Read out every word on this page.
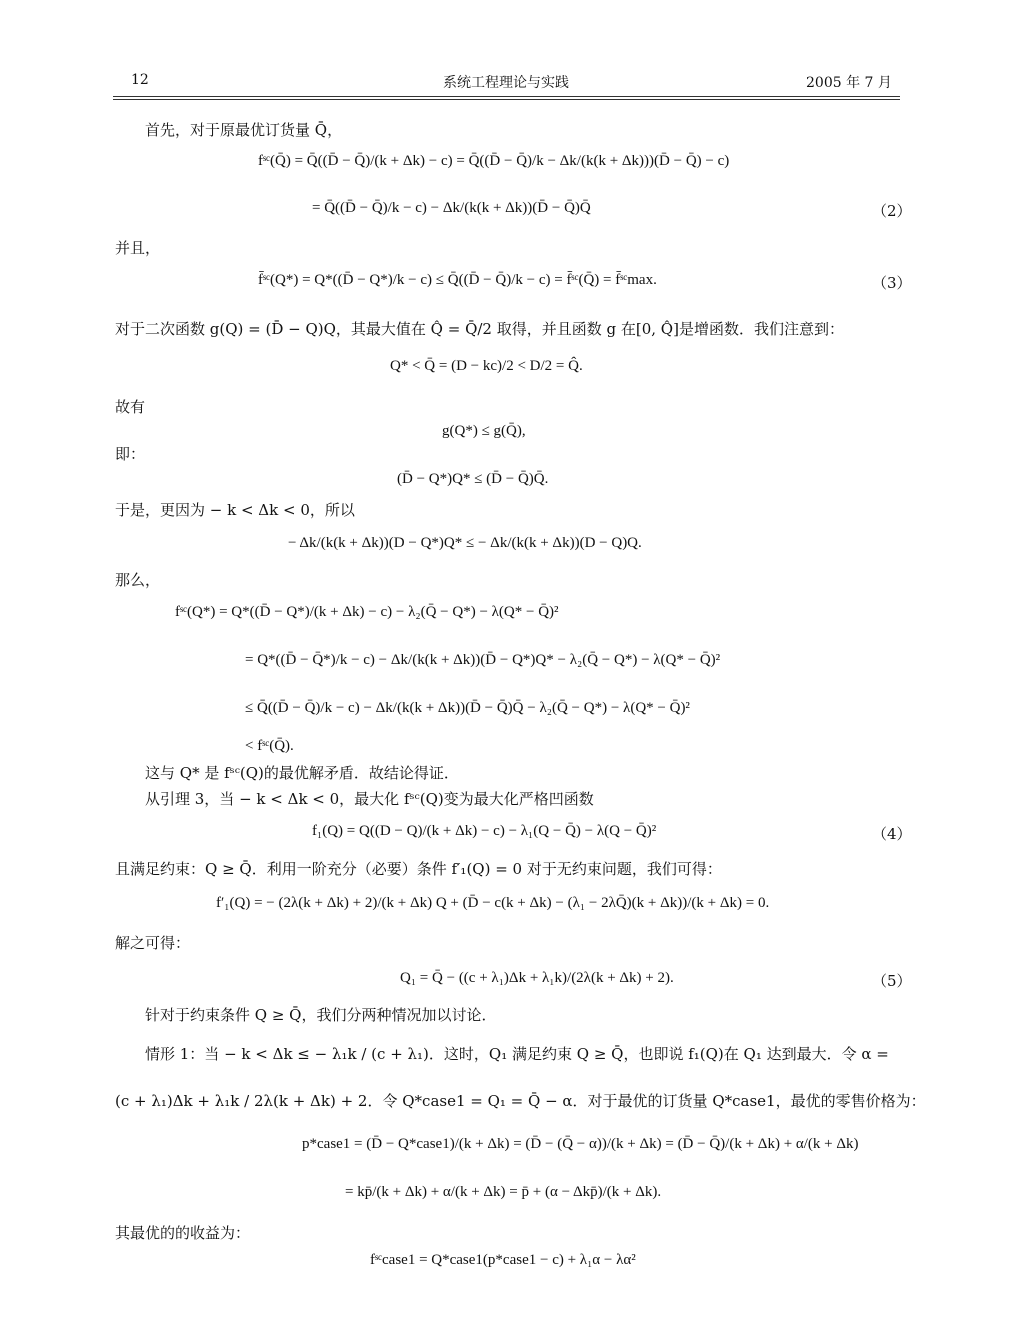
12	系统工程理论与实践	2005 年 7 月
首先，对于原最优订货量 Q̄，
fˢᶜ(Q̄) = Q̄((D̄ − Q̄)/(k + Δk) − c) = Q̄((D̄ − Q̄)/k − Δk/(k(k + Δk)))(D̄ − Q̄) − c)
= Q̄((D̄ − Q̄)/k − c) − Δk/(k(k + Δk))(D̄ − Q̄)Q̄	（2）
并且，
f̄ˢᶜ(Q*) = Q*((D̄ − Q*)/k − c) ≤ Q̄((D̄ − Q̄)/k − c) = f̄ˢᶜ(Q̄) = f̄ˢᶜmax.	（3）
对于二次函数 g(Q) = (D̄ − Q)Q，其最大值在 Q̂ = Q̄/2 取得，并且函数 g 在[0, Q̂]是增函数．我们注意到：
Q* < Q̄ = (D − kc)/2 < D/2 = Q̂.
故有
g(Q*) ≤ g(Q̄),
即：
(D̄ − Q*)Q* ≤ (D̄ − Q̄)Q̄.
于是，更因为 − k < Δk < 0，所以
− Δk/(k(k + Δk))(D − Q*)Q* ≤ − Δk/(k(k + Δk))(D − Q)Q.
那么，
fˢᶜ(Q*) = Q*((D̄ − Q*)/(k + Δk) − c) − λ₂(Q̄ − Q*) − λ(Q* − Q̄)²
= Q*((D̄ − Q̄*)/k − c) − Δk/(k(k + Δk))(D̄ − Q*)Q* − λ₂(Q̄ − Q*) − λ(Q* − Q̄)²
≤ Q̄((D̄ − Q̄)/k − c) − Δk/(k(k + Δk))(D̄ − Q̄)Q̄ − λ₂(Q̄ − Q*) − λ(Q* − Q̄)²
< fˢᶜ(Q̄).
这与 Q* 是 fˢᶜ(Q)的最优解矛盾．故结论得证．
从引理 3，当 − k < Δk < 0，最大化 fˢᶜ(Q)变为最大化严格凹函数
f₁(Q) = Q((D − Q)/(k + Δk) − c) − λ₁(Q − Q̄) − λ(Q − Q̄)²	（4）
且满足约束：Q ≥ Q̄．利用一阶充分（必要）条件 f′₁(Q) = 0 对于无约束问题，我们可得：
f′₁(Q) = − (2λ(k + Δk) + 2)/(k + Δk) Q + (D̄ − c(k + Δk) − (λ₁ − 2λQ̄)(k + Δk))/(k + Δk) = 0.
解之可得：
Q₁ = Q̄ − ((c + λ₁)Δk + λ₁k)/(2λ(k + Δk) + 2).	（5）
针对于约束条件 Q ≥ Q̄，我们分两种情况加以讨论．
情形 1：当 − k < Δk ≤ − λ₁k / (c + λ₁)．这时，Q₁ 满足约束 Q ≥ Q̄，也即说 f₁(Q)在 Q₁ 达到最大．令 α =
(c + λ₁)Δk + λ₁k / 2λ(k + Δk) + 2．令 Q*case1 = Q₁ = Q̄ − α．对于最优的订货量 Q*case1，最优的零售价格为：
p*case1 = (D̄ − Q*case1)/(k + Δk) = (D̄ − (Q̄ − α))/(k + Δk) = (D̄ − Q̄)/(k + Δk) + α/(k + Δk)
= kp̄/(k + Δk) + α/(k + Δk) = p̄ + (α − Δkp̄)/(k + Δk).
其最优的的收益为：
fˢᶜcase1 = Q*case1(p*case1 − c) + λ₁α − λα²
